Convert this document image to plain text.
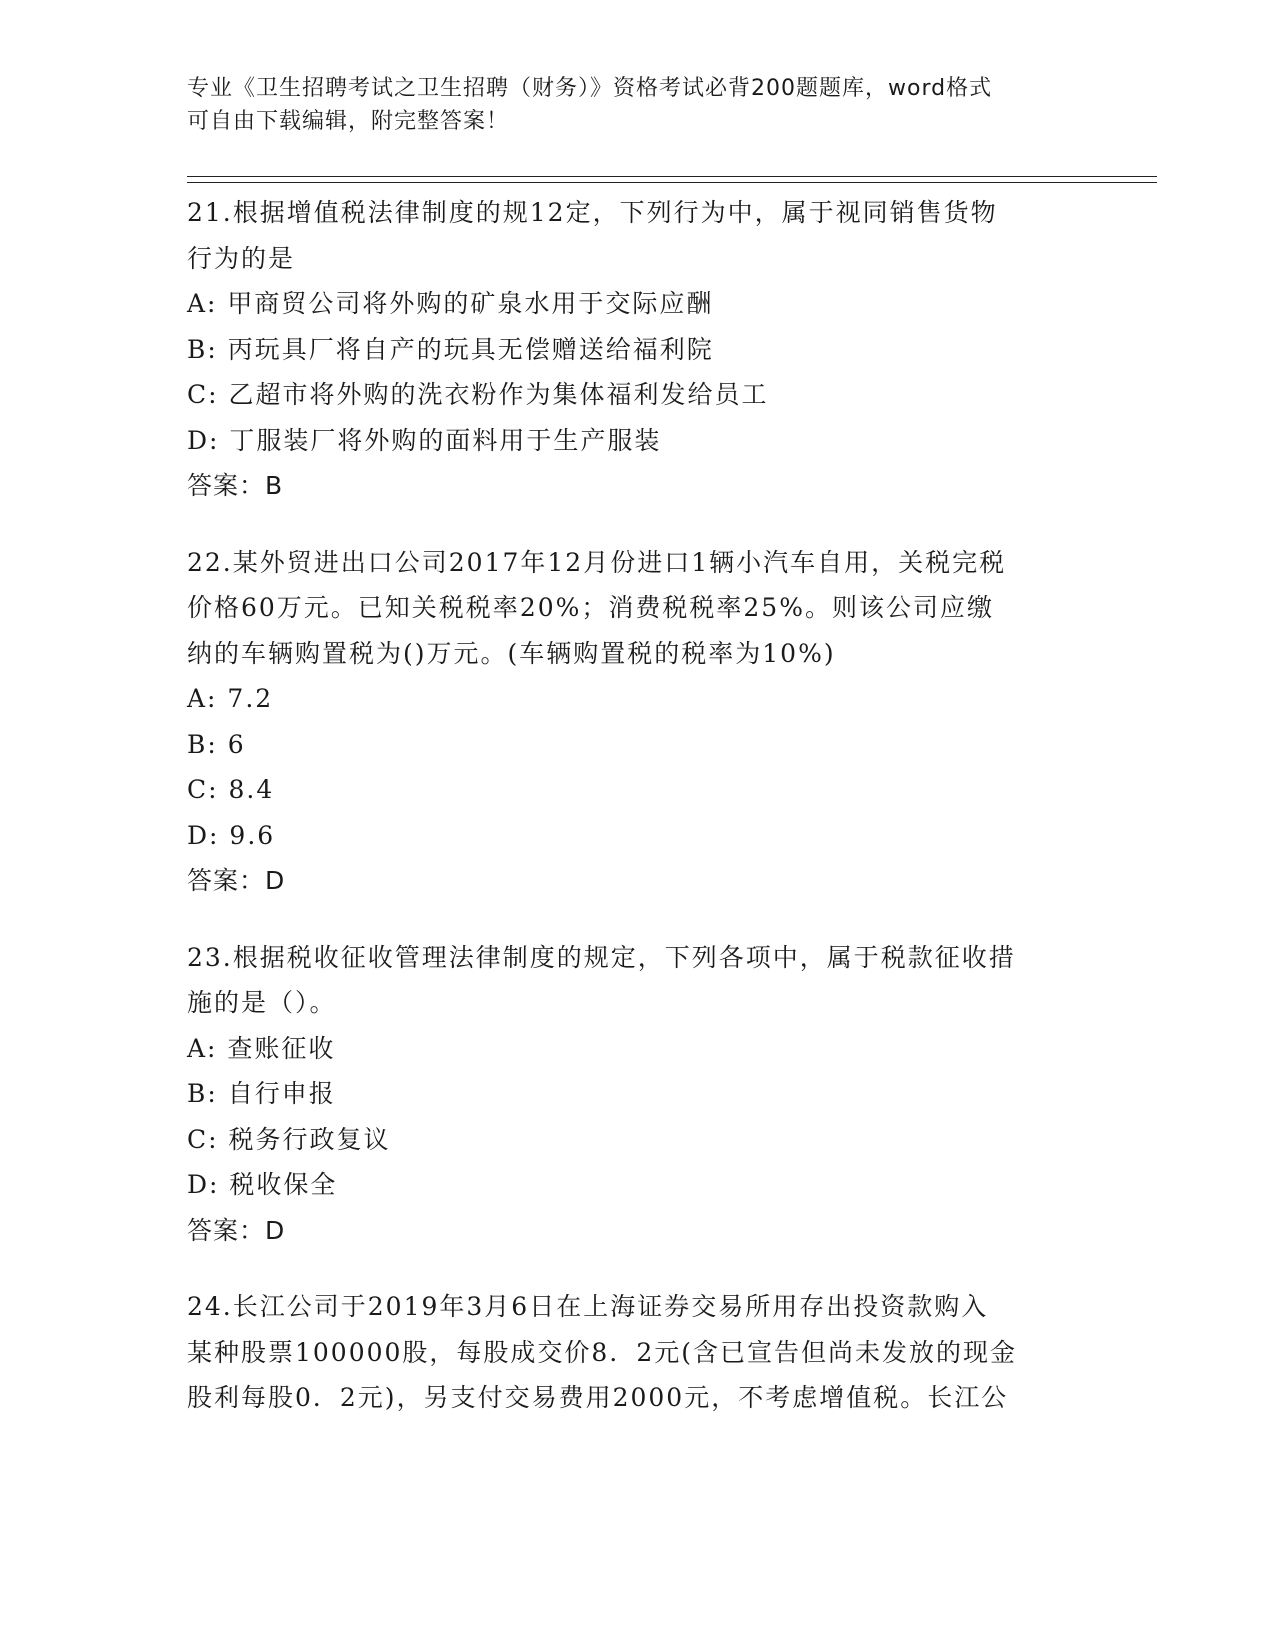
专业《卫生招聘考试之卫生招聘（财务）》资格考试必背200题题库，word格式
可自由下载编辑，附完整答案！
21.根据增值税法律制度的规12定，下列行为中，属于视同销售货物
行为的是
A: 甲商贸公司将外购的矿泉水用于交际应酬
B: 丙玩具厂将自产的玩具无偿赠送给福利院
C: 乙超市将外购的洗衣粉作为集体福利发给员工
D: 丁服装厂将外购的面料用于生产服装
答案：B
22.某外贸进出口公司2017年12月份进口1辆小汽车自用，关税完税
价格60万元。已知关税税率20%；消费税税率25%。则该公司应缴
纳的车辆购置税为()万元。(车辆购置税的税率为10%)
A: 7.2
B: 6
C: 8.4
D: 9.6
答案：D
23.根据税收征收管理法律制度的规定，下列各项中，属于税款征收措
施的是（）。
A: 查账征收
B: 自行申报
C: 税务行政复议
D: 税收保全
答案：D
24.长江公司于2019年3月6日在上海证券交易所用存出投资款购入
某种股票100000股，每股成交价8．2元(含已宣告但尚未发放的现金
股利每股0．2元)，另支付交易费用2000元，不考虑增值税。长江公
